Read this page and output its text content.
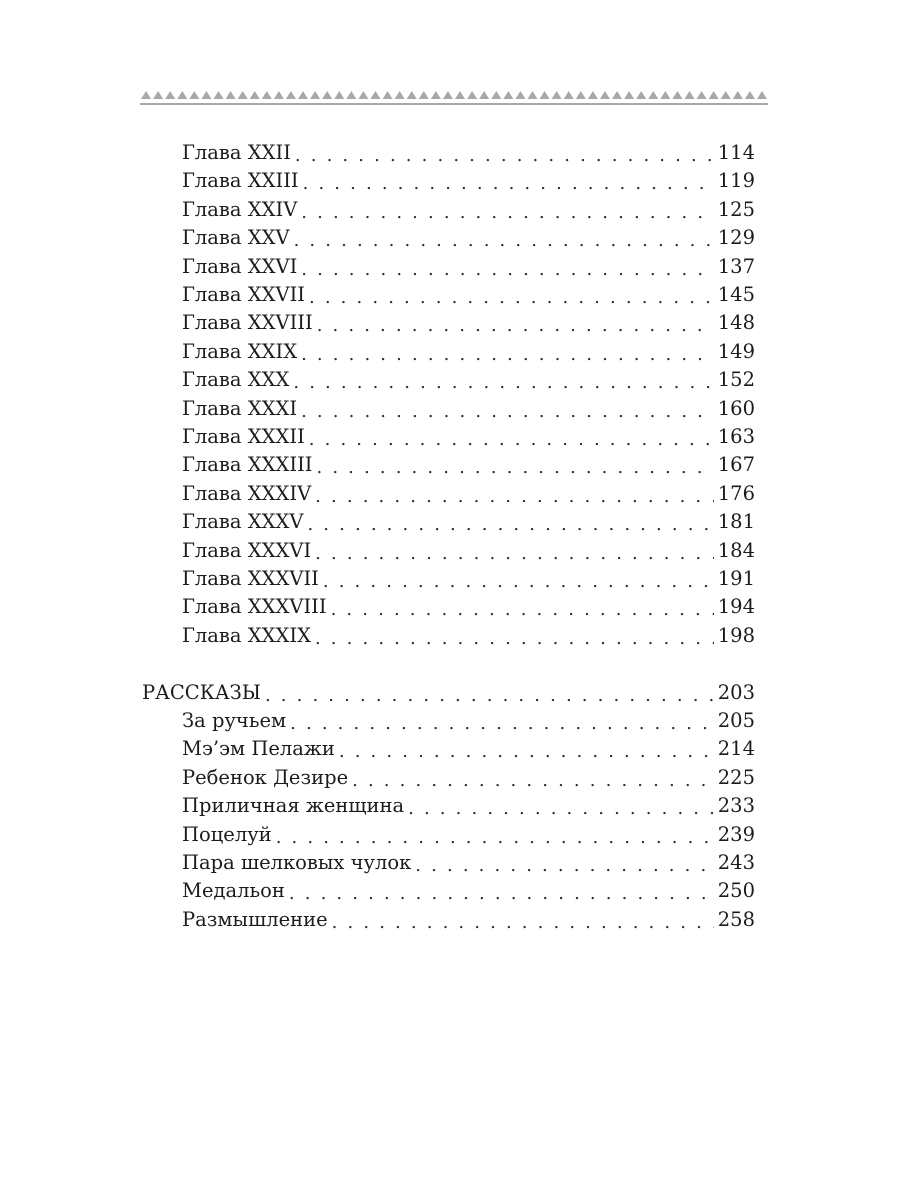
Глава XXII . . .	114
Глава XXIII . . .	119
Глава XXIV . . .	125
Глава XXV . . .	129
Глава XXVI . . .	137
Глава XXVII . . .	145
Глава XXVIII . . .	148
Глава XXIX . . .	149
Глава XXX . . .	152
Глава XXXI . . .	160
Глава XXXII . . .	163
Глава XXXIII . . .	167
Глава XXXIV . . .	176
Глава XXXV . . .	181
Глава XXXVI . . .	184
Глава XXXVII . . .	191
Глава XXXVIII . . .	194
Глава XXXIX . . .	198
РАССКАЗЫ . . .	203
За ручьем . . .	205
Мэ’эм Пелажи . . .	214
Ребенок Дезире . . .	225
Приличная женщина . . .	233
Поцелуй . . .	239
Пара шелковых чулок . . .	243
Медальон . . .	250
Размышление . . .	258
